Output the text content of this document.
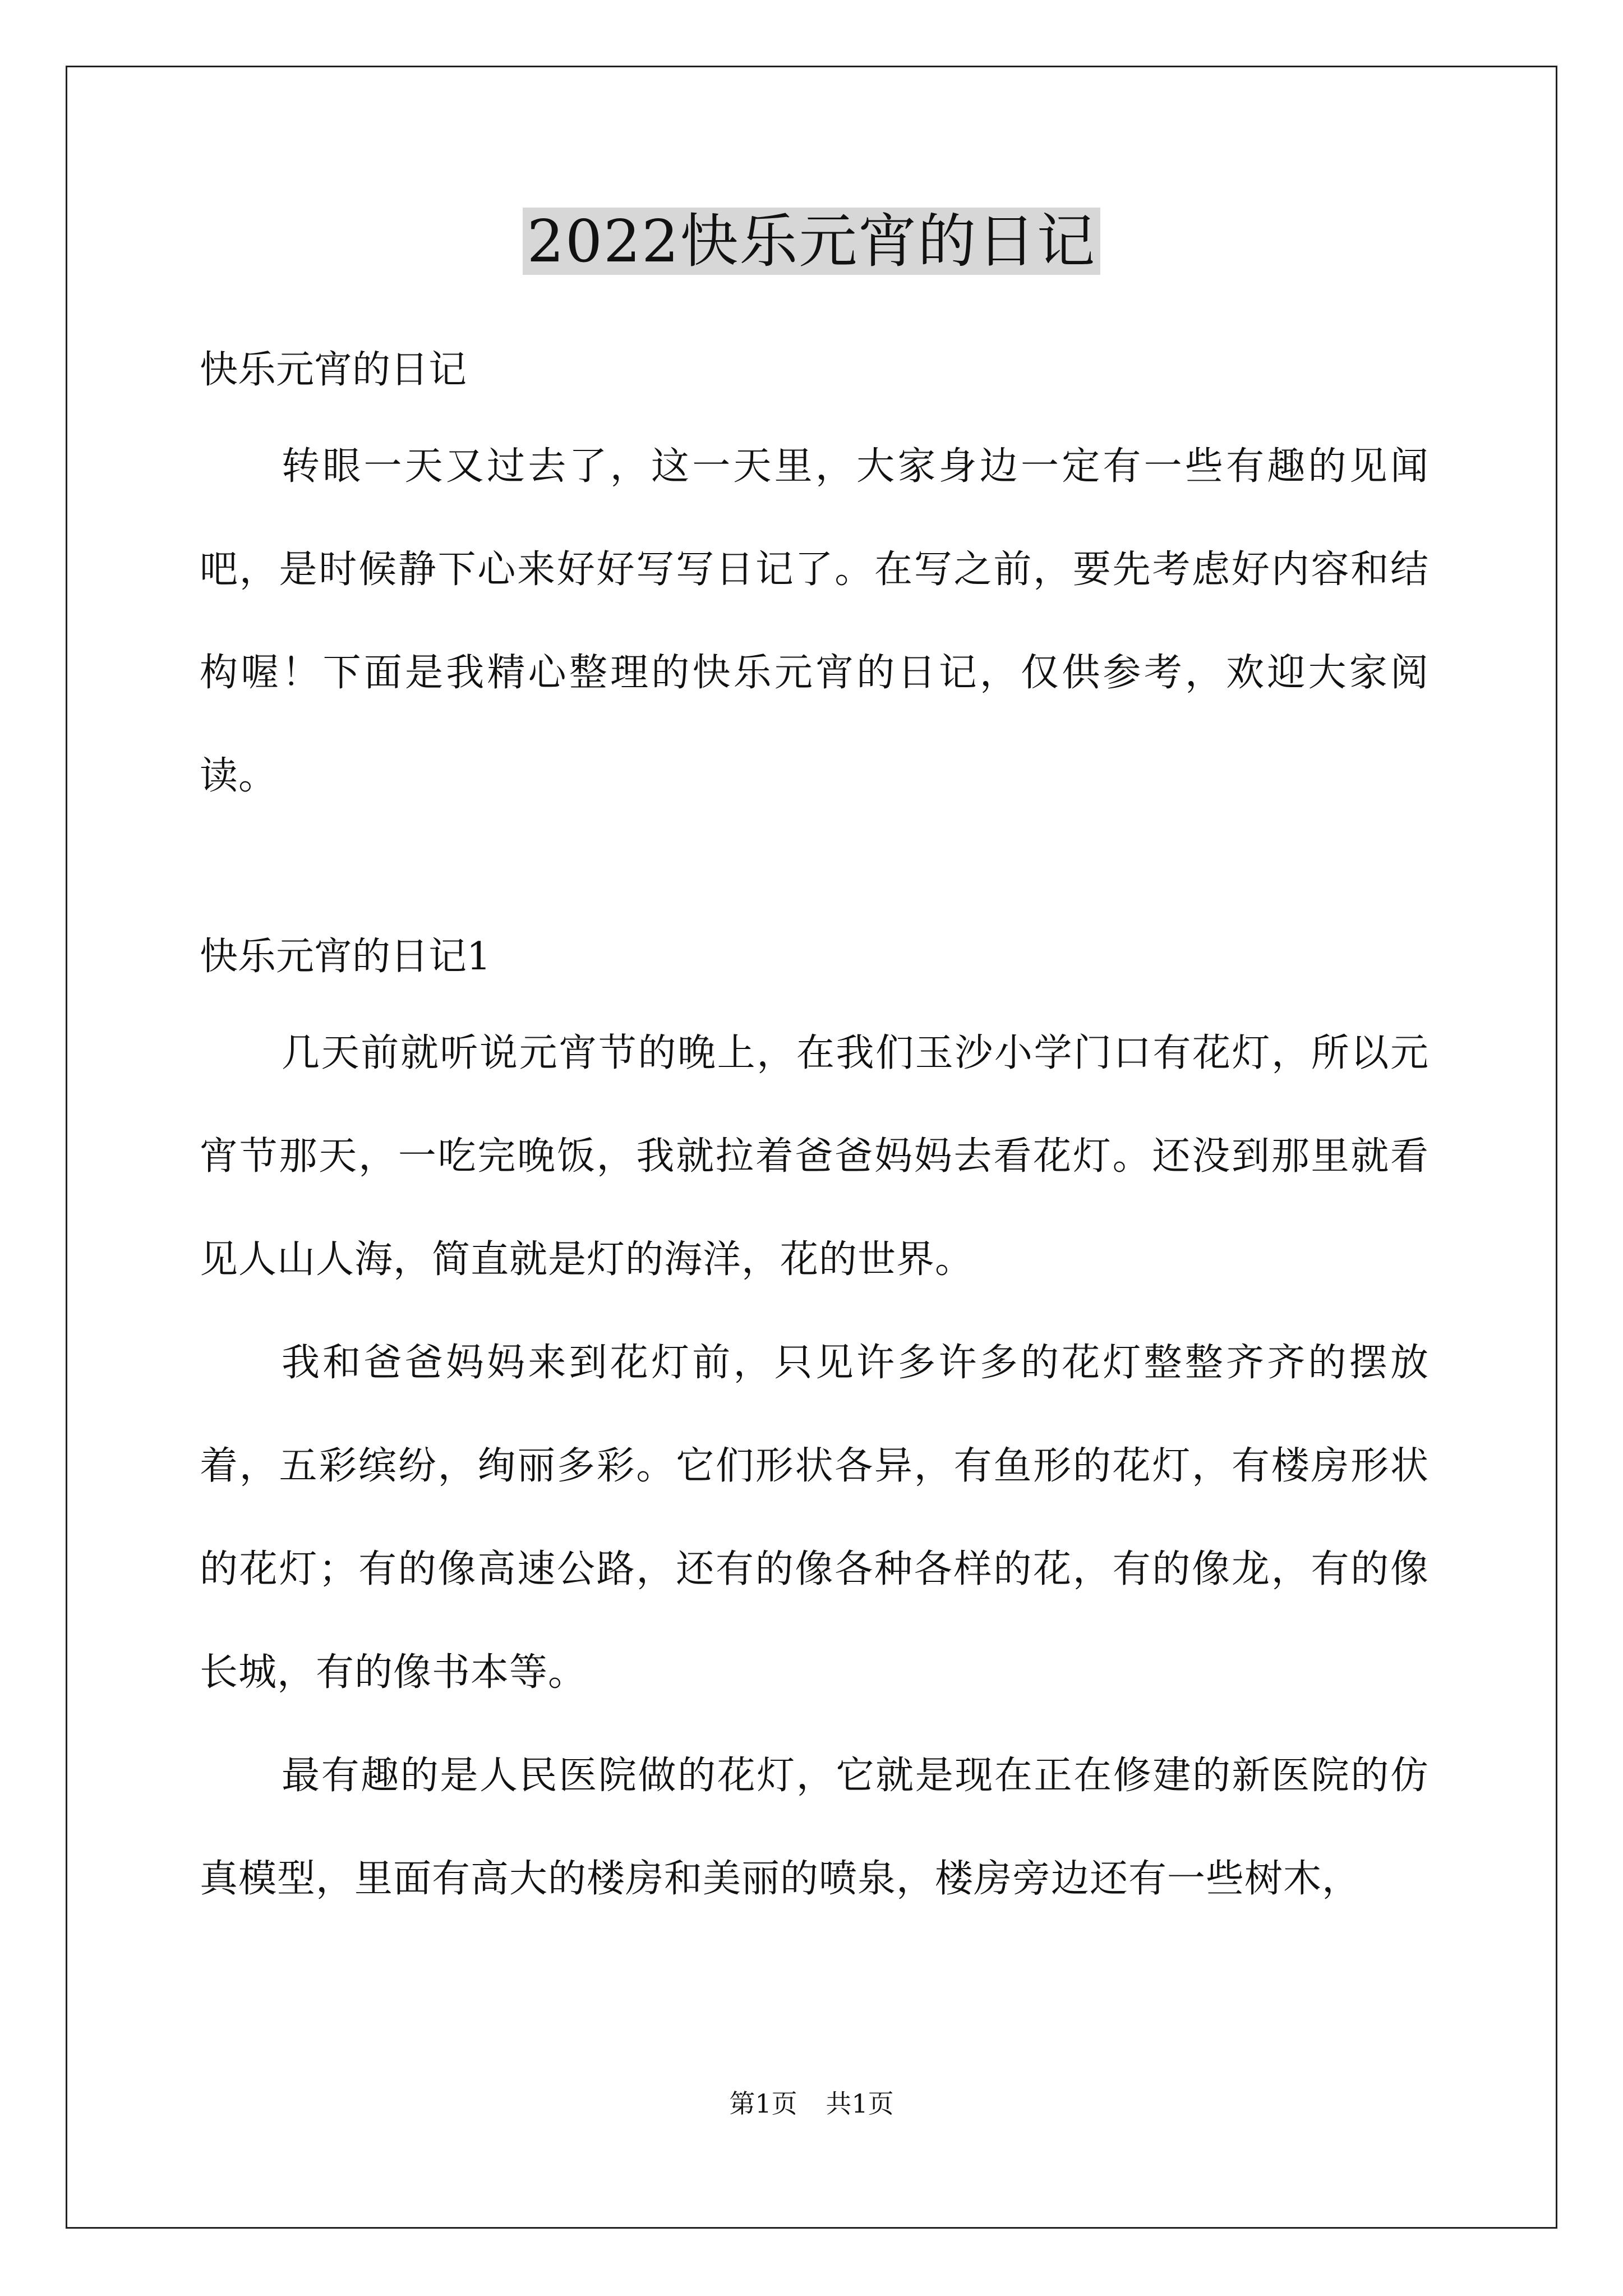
2022快乐元宵的日记

快乐元宵的日记

转眼一天又过去了，这一天里，大家身边一定有一些有趣的见闻吧，是时候静下心来好好写写日记了。在写之前，要先考虑好内容和结构喔！下面是我精心整理的快乐元宵的日记，仅供参考，欢迎大家阅读。

快乐元宵的日记1

几天前就听说元宵节的晚上，在我们玉沙小学门口有花灯，所以元宵节那天，一吃完晚饭，我就拉着爸爸妈妈去看花灯。还没到那里就看见人山人海，简直就是灯的海洋，花的世界。

我和爸爸妈妈来到花灯前，只见许多许多的花灯整整齐齐的摆放着，五彩缤纷，绚丽多彩。它们形状各异，有鱼形的花灯，有楼房形状的花灯；有的像高速公路，还有的像各种各样的花，有的像龙，有的像长城，有的像书本等。

最有趣的是人民医院做的花灯，它就是现在正在修建的新医院的仿真模型，里面有高大的楼房和美丽的喷泉，楼房旁边还有一些树木，

第1页 共1页
